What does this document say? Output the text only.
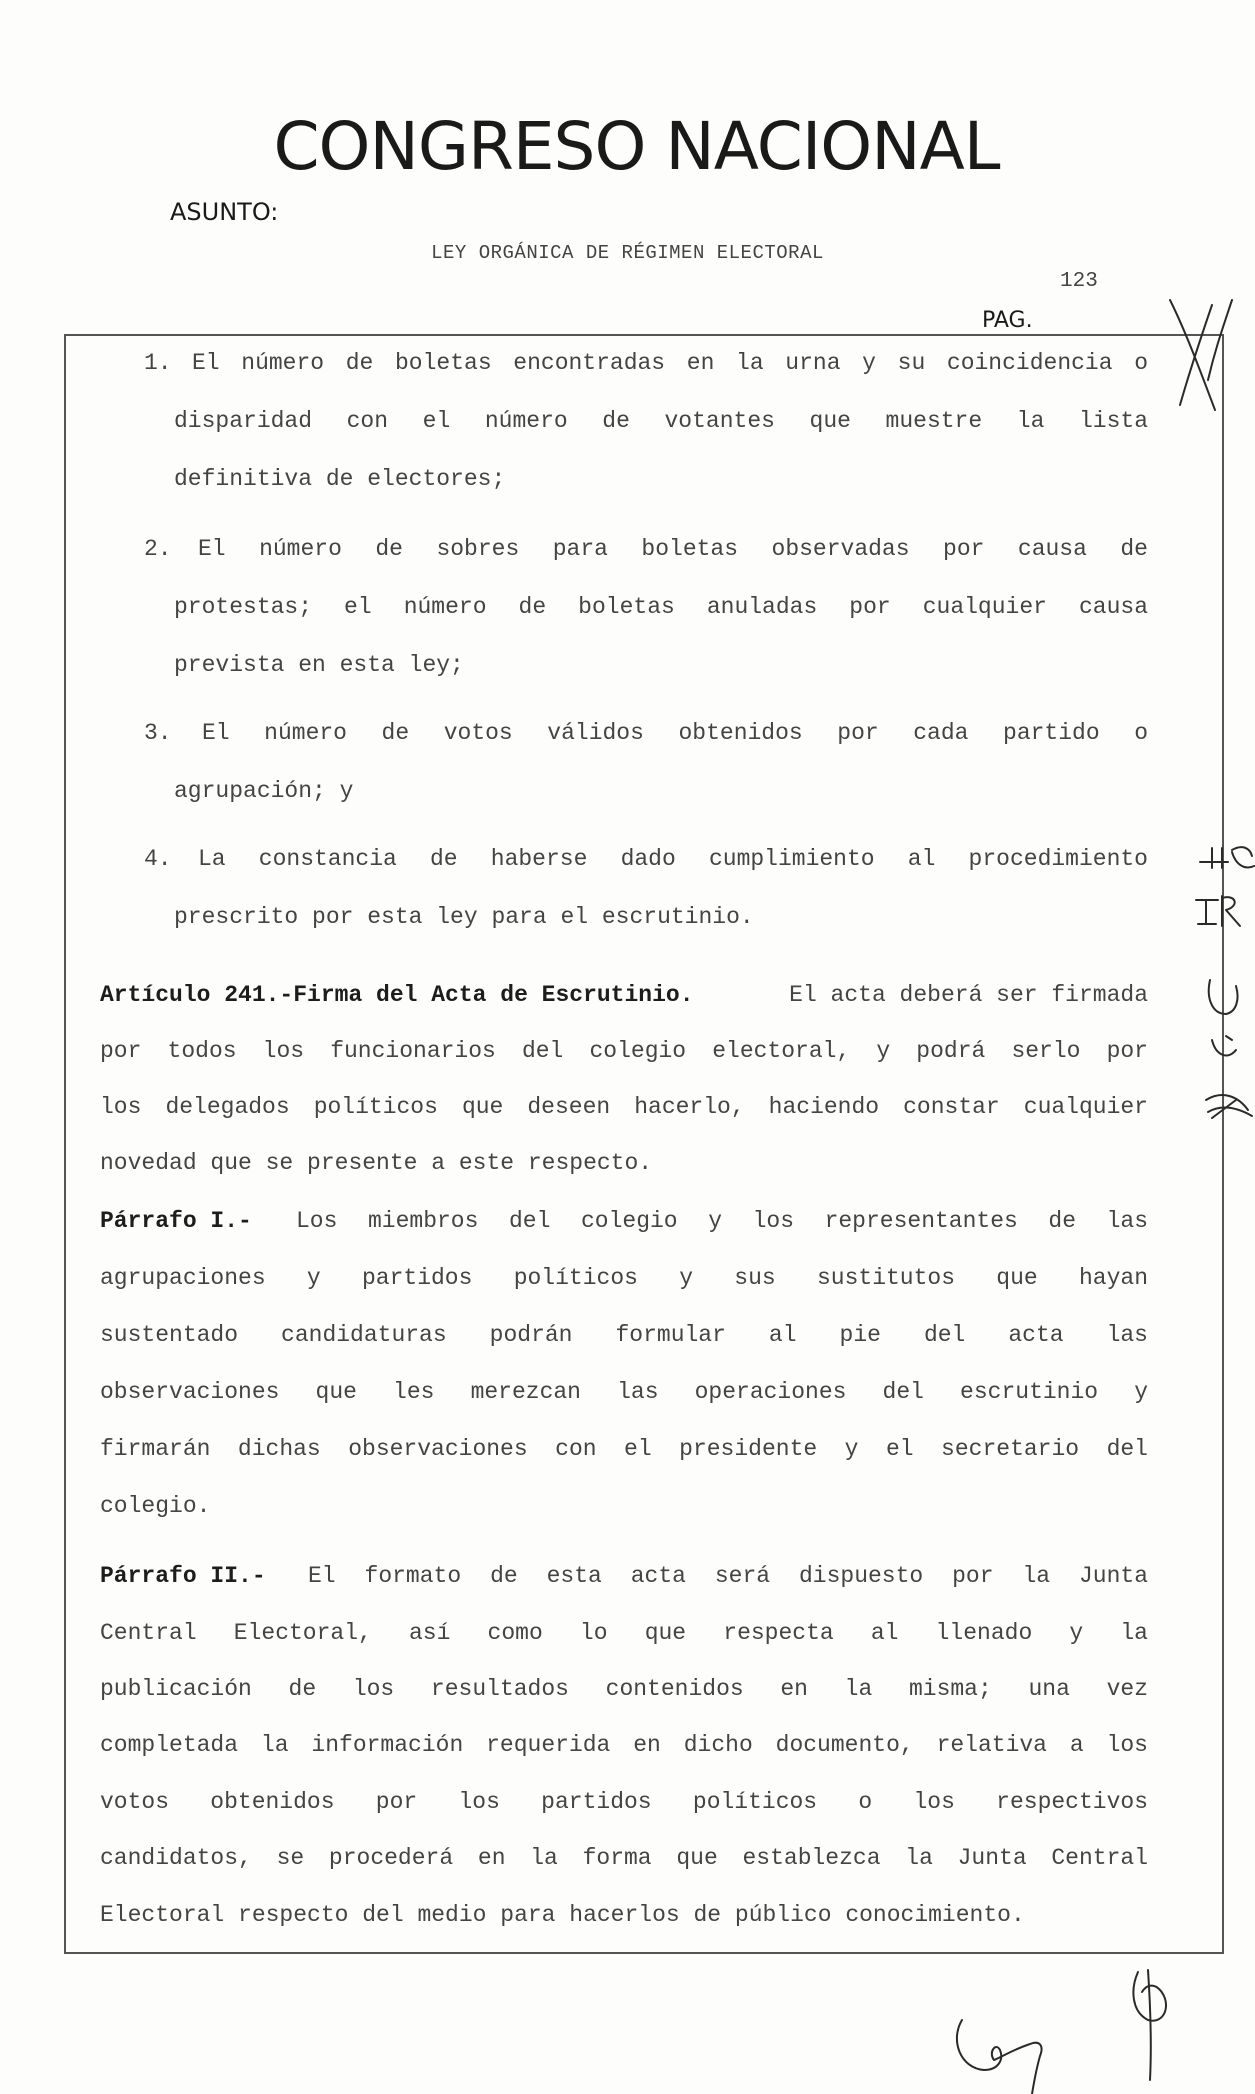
CONGRESO NACIONAL
ASUNTO:
LEY ORGÁNICA DE RÉGIMEN ELECTORAL
123
PAG.
1. El número de boletas encontradas en la urna y su coincidencia o
disparidad con el número de votantes que muestre la lista
definitiva de electores;
2. El número de sobres para boletas observadas por causa de
protestas; el número de boletas anuladas por cualquier causa
prevista en esta ley;
3. El número de votos válidos obtenidos por cada partido o
agrupación; y
4. La constancia de haberse dado cumplimiento al procedimiento
prescrito por esta ley para el escrutinio.
Artículo 241.-Firma del Acta de Escrutinio.	El acta deberá ser firmada
por todos los funcionarios del colegio electoral, y podrá serlo por
los delegados políticos que deseen hacerlo, haciendo constar cualquier
novedad que se presente a este respecto.
Párrafo I.- Los miembros del colegio y los representantes de las
agrupaciones y partidos políticos y sus sustitutos que hayan
sustentado candidaturas podrán formular al pie del acta las
observaciones que les merezcan las operaciones del escrutinio y
firmarán dichas observaciones con el presidente y el secretario del
colegio.
Párrafo II.- El formato de esta acta será dispuesto por la Junta
Central Electoral, así como lo que respecta al llenado y la
publicación de los resultados contenidos en la misma; una vez
completada la información requerida en dicho documento, relativa a los
votos obtenidos por los partidos políticos o los respectivos
candidatos, se procederá en la forma que establezca la Junta Central
Electoral respecto del medio para hacerlos de público conocimiento.
